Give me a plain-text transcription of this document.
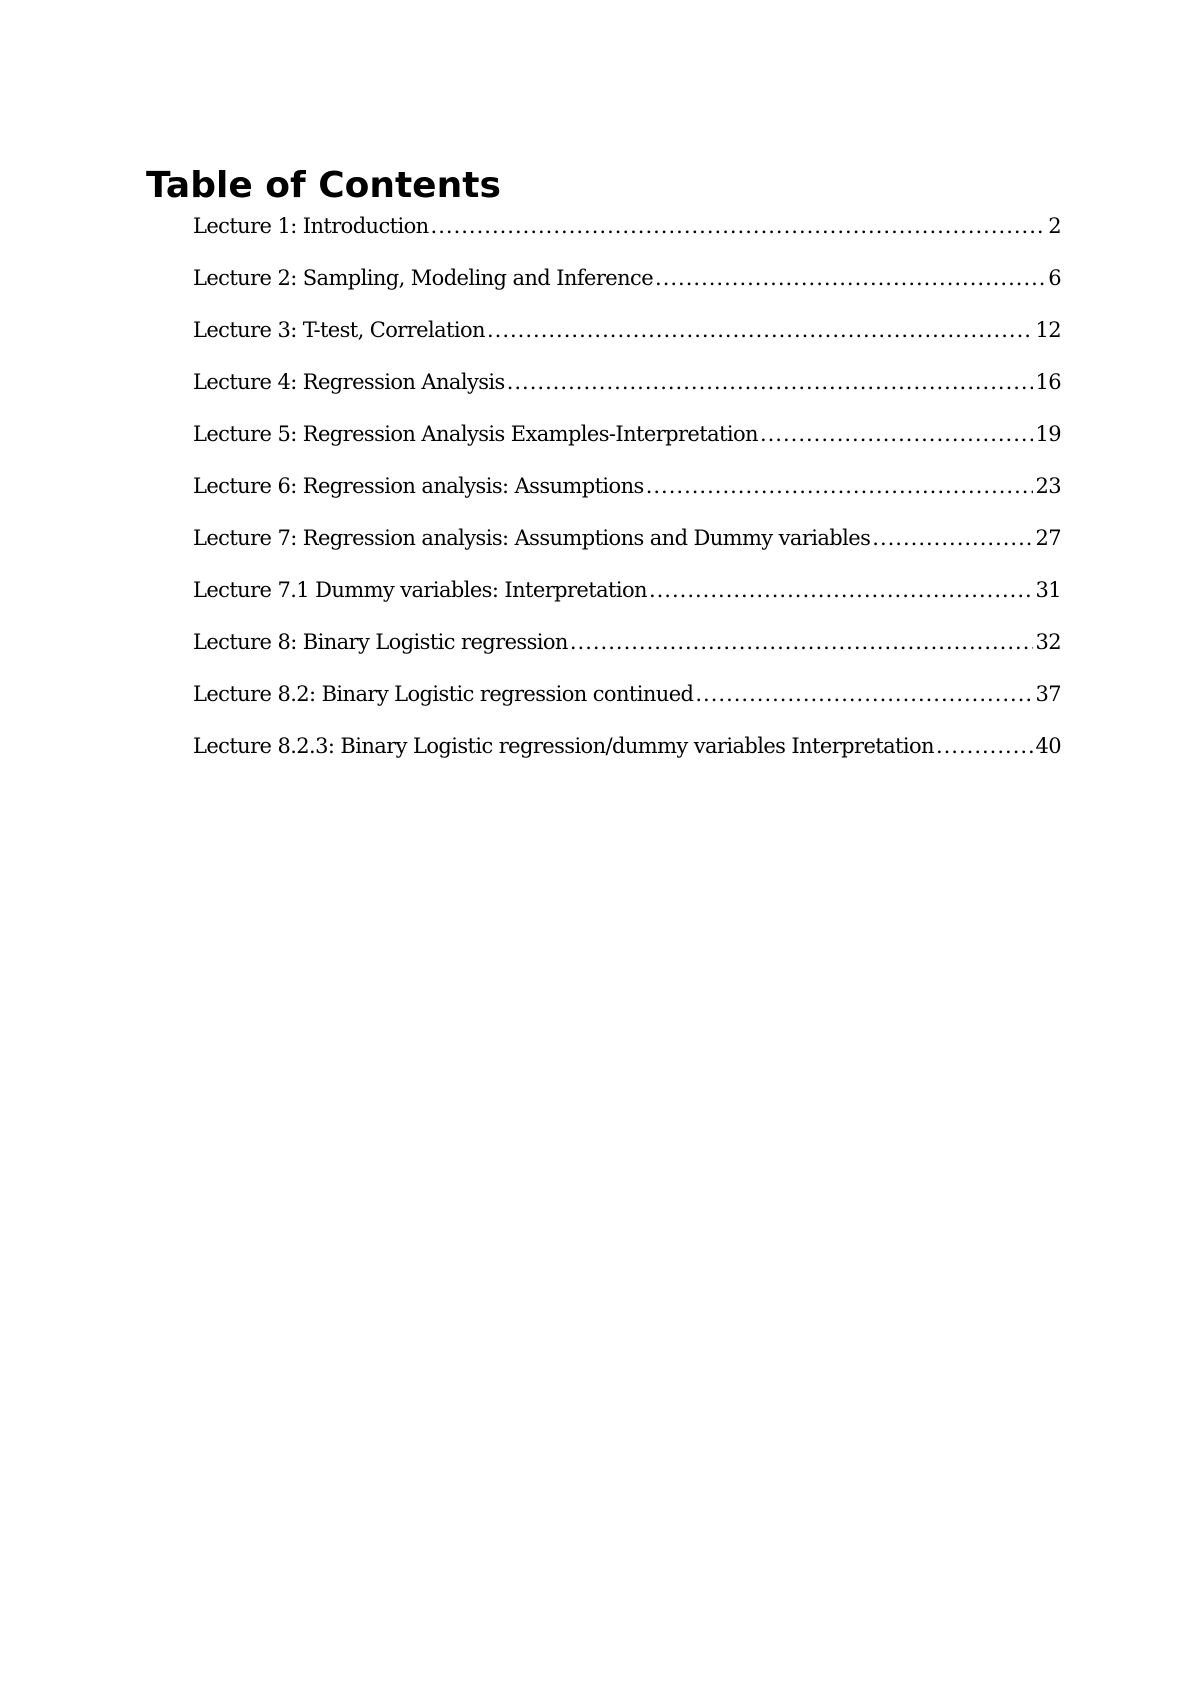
Table of Contents
Lecture 1: Introduction .....	2
Lecture 2: Sampling, Modeling and Inference .....	6
Lecture 3: T-test, Correlation .....	12
Lecture 4: Regression Analysis .....	16
Lecture 5: Regression Analysis Examples-Interpretation .....	19
Lecture 6: Regression analysis: Assumptions .....	23
Lecture 7: Regression analysis: Assumptions and Dummy variables .....	27
Lecture 7.1 Dummy variables: Interpretation .....	31
Lecture 8: Binary Logistic regression .....	32
Lecture 8.2: Binary Logistic regression continued .....	37
Lecture 8.2.3: Binary Logistic regression/dummy variables Interpretation .....	40
